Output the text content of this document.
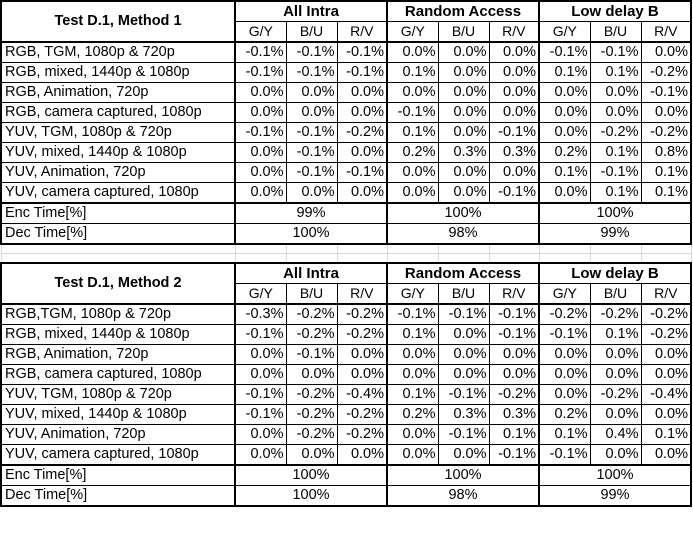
Test D.1, Method 1	All Intra			Random Access			Low delay B		
	G/Y	B/U	R/V	G/Y	B/U	R/V	G/Y	B/U	R/V
RGB, TGM, 1080p & 720p	-0.1%	-0.1%	-0.1%	0.0%	0.0%	0.0%	-0.1%	-0.1%	0.0%
RGB, mixed, 1440p & 1080p	-0.1%	-0.1%	-0.1%	0.1%	0.0%	0.0%	0.1%	0.1%	-0.2%
RGB, Animation, 720p	0.0%	0.0%	0.0%	0.0%	0.0%	0.0%	0.0%	0.0%	-0.1%
RGB, camera captured, 1080p	0.0%	0.0%	0.0%	-0.1%	0.0%	0.0%	0.0%	0.0%	0.0%
YUV, TGM, 1080p & 720p	-0.1%	-0.1%	-0.2%	0.1%	0.0%	-0.1%	0.0%	-0.2%	-0.2%
YUV, mixed, 1440p & 1080p	0.0%	-0.1%	0.0%	0.2%	0.3%	0.3%	0.2%	0.1%	0.8%
YUV, Animation, 720p	0.0%	-0.1%	-0.1%	0.0%	0.0%	0.0%	0.1%	-0.1%	0.1%
YUV, camera captured, 1080p	0.0%	0.0%	0.0%	0.0%	0.0%	-0.1%	0.0%	0.1%	0.1%
Enc Time[%]	99%			100%			100%		
Dec Time[%]	100%			98%			99%		

Test D.1, Method 2	All Intra			Random Access			Low delay B		
	G/Y	B/U	R/V	G/Y	B/U	R/V	G/Y	B/U	R/V
RGB,TGM, 1080p & 720p	-0.3%	-0.2%	-0.2%	-0.1%	-0.1%	-0.1%	-0.2%	-0.2%	-0.2%
RGB, mixed, 1440p & 1080p	-0.1%	-0.2%	-0.2%	0.1%	0.0%	-0.1%	-0.1%	0.1%	-0.2%
RGB, Animation, 720p	0.0%	-0.1%	0.0%	0.0%	0.0%	0.0%	0.0%	0.0%	0.0%
RGB, camera captured, 1080p	0.0%	0.0%	0.0%	0.0%	0.0%	0.0%	0.0%	0.0%	0.0%
YUV, TGM, 1080p & 720p	-0.1%	-0.2%	-0.4%	0.1%	-0.1%	-0.2%	0.0%	-0.2%	-0.4%
YUV, mixed, 1440p & 1080p	-0.1%	-0.2%	-0.2%	0.2%	0.3%	0.3%	0.2%	0.0%	0.0%
YUV, Animation, 720p	0.0%	-0.2%	-0.2%	0.0%	-0.1%	0.1%	0.1%	0.4%	0.1%
YUV, camera captured, 1080p	0.0%	0.0%	0.0%	0.0%	0.0%	-0.1%	-0.1%	0.0%	0.0%
Enc Time[%]	100%			100%			100%		
Dec Time[%]	100%			98%			99%		
